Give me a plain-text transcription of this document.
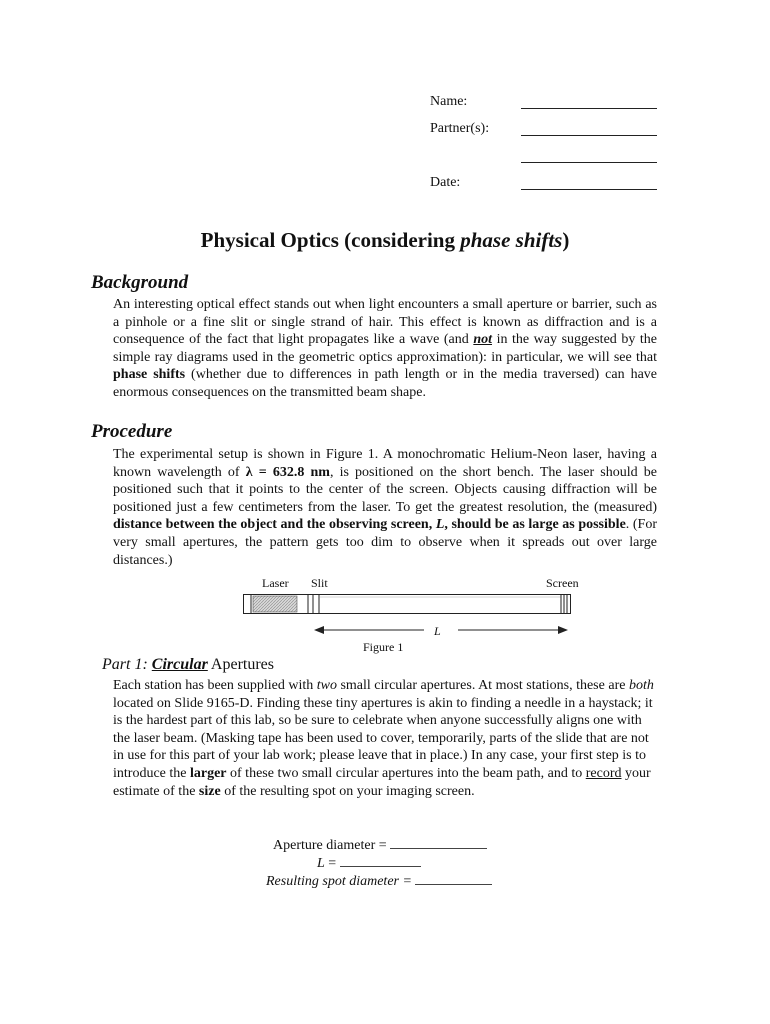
Name:
Partner(s):
Date:
Physical Optics (considering phase shifts)
Background
An interesting optical effect stands out when light encounters a small aperture or barrier, such as a pinhole or a fine slit or single strand of hair. This effect is known as diffraction and is a consequence of the fact that light propagates like a wave (and not in the way suggested by the simple ray diagrams used in the geometric optics approximation): in particular, we will see that phase shifts (whether due to differences in path length or in the media traversed) can have enormous consequences on the transmitted beam shape.
Procedure
The experimental setup is shown in Figure 1. A monochromatic Helium-Neon laser, having a known wavelength of λ = 632.8 nm, is positioned on the short bench. The laser should be positioned such that it points to the center of the screen. Objects causing diffraction will be positioned just a few centimeters from the laser. To get the greatest resolution, the (measured) distance between the object and the observing screen, L, should be as large as possible. (For very small apertures, the pattern gets too dim to observe when it spreads out over large distances.)
Laser Slit	Screen
L
Figure 1
Part 1: Circular Apertures
Each station has been supplied with two small circular apertures. At most stations, these are both located on Slide 9165-D. Finding these tiny apertures is akin to finding a needle in a haystack; it is the hardest part of this lab, so be sure to celebrate when anyone successfully aligns one with the laser beam. (Masking tape has been used to cover, temporarily, parts of the slide that are not in use for this part of your lab work; please leave that in place.) In any case, your first step is to introduce the larger of these two small circular apertures into the beam path, and to record your estimate of the size of the resulting spot on your imaging screen.
Aperture diameter =
L =
Resulting spot diameter =
